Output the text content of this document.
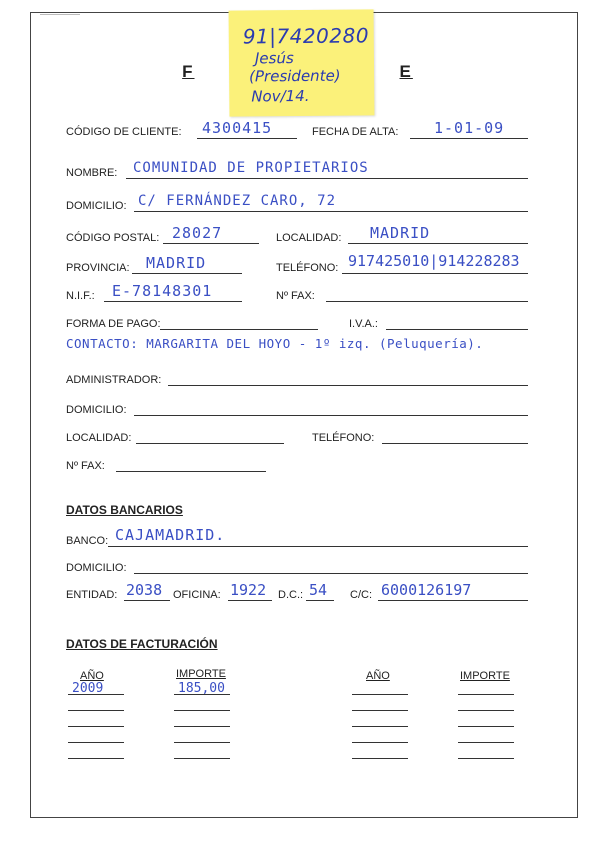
F	E
91|7420280
Jesús
(Presidente)
Nov/14.
CÓDIGO DE CLIENTE: 4300415	FECHA DE ALTA: 1-01-09
NOMBRE: COMUNIDAD DE PROPIETARIOS
DOMICILIO: C/ FERNÁNDEZ CARO, 72
CÓDIGO POSTAL: 28027	LOCALIDAD: MADRID
PROVINCIA: MADRID	TELÉFONO: 917425010|914228283
N.I.F.: E-78148301	Nº FAX:
FORMA DE PAGO:	I.V.A.:
CONTACTO: MARGARITA DEL HOYO - 1º izq. (Peluquería).
ADMINISTRADOR:
DOMICILIO:
LOCALIDAD:	TELÉFONO:
Nº FAX:
DATOS BANCARIOS
BANCO: CAJAMADRID.
DOMICILIO:
ENTIDAD: 2038 OFICINA: 1922 D.C.: 54 C/C: 6000126197
DATOS DE FACTURACIÓN
AÑO	IMPORTE	AÑO	IMPORTE
2009	185,00
